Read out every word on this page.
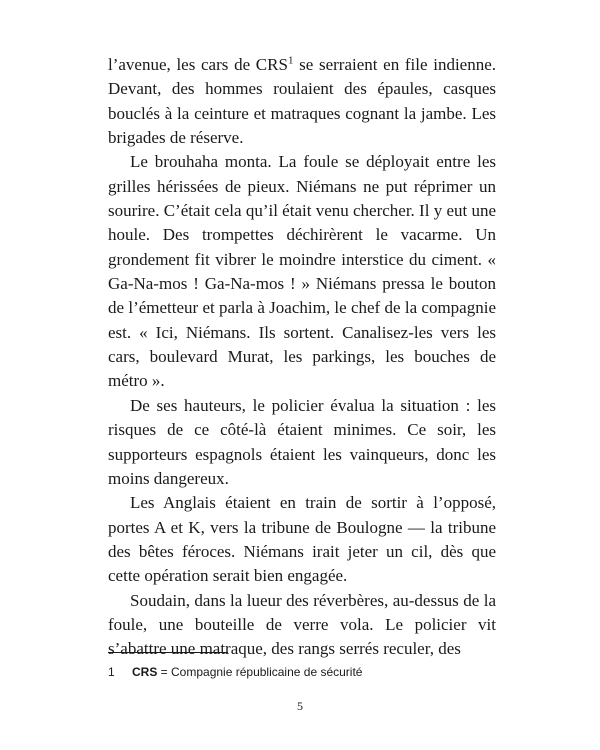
l’avenue, les cars de CRS$^1$ se serraient en file indienne. Devant, des hommes roulaient des épaules, casques bouclés à la ceinture et matraques cognant la jambe. Les brigades de réserve.

Le brouhaha monta. La foule se déployait entre les grilles hérissées de pieux. Niémans ne put réprimer un sourire. C’était cela qu’il était venu chercher. Il y eut une houle. Des trompettes déchirèrent le vacarme. Un grondement fit vibrer le moindre interstice du ciment. « Ga-Na-mos ! Ga-Na-mos ! » Niémans pressa le bouton de l’émetteur et parla à Joachim, le chef de la compagnie est. « Ici, Niémans. Ils sortent. Canalisez-les vers les cars, boulevard Murat, les parkings, les bouches de métro ».

De ses hauteurs, le policier évalua la situation : les risques de ce côté-là étaient minimes. Ce soir, les supporteurs espagnols étaient les vainqueurs, donc les moins dangereux.

Les Anglais étaient en train de sortir à l’opposé, portes A et K, vers la tribune de Boulogne — la tribune des bêtes féroces. Niémans irait jeter un cil, dès que cette opération serait bien engagée.

Soudain, dans la lueur des réverbères, au-dessus de la foule, une bouteille de verre vola. Le policier vit s’abattre une matraque, des rangs serrés reculer, des

1 CRS = Compagnie républicaine de sécurité
5
